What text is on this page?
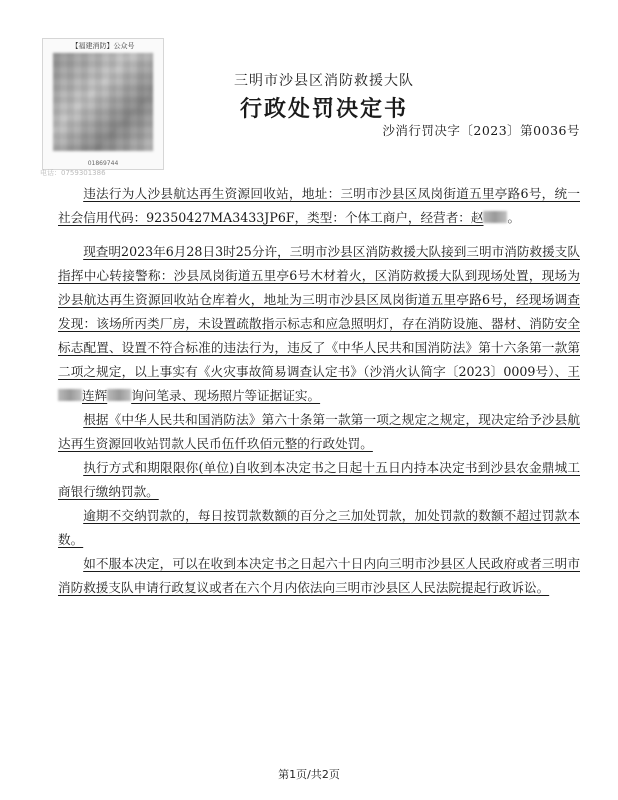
【福建消防】公众号
01869744
电话：0759301386
三明市沙县区消防救援大队
行政处罚决定书
沙消行罚决字〔2023〕第0036号

违法行为人沙县航达再生资源回收站，地址：三明市沙县区凤岗街道五里亭路6号，统一社会信用代码：92350427MA3433JP6F，类型：个体工商户，经营者：赵 。

现查明2023年6月28日3时25分许，三明市沙县区消防救援大队接到三明市消防救援支队指挥中心转接警称：沙县凤岗街道五里亭6号木材着火，区消防救援大队到现场处置，现场为沙县航达再生资源回收站仓库着火，地址为三明市沙县区凤岗街道五里亭路6号，经现场调查发现：该场所丙类厂房，未设置疏散指示标志和应急照明灯，存在消防设施、器材、消防安全标志配置、设置不符合标准的违法行为，违反了《中华人民共和国消防法》第十六条第一款第二项之规定，以上事实有《火灾事故简易调查认定书》（沙消火认简字〔2023〕0009号）、王连辉 询问笔录、现场照片等证据证实。

根据《中华人民共和国消防法》第六十条第一款第一项之规定之规定，现决定给予沙县航达再生资源回收站罚款人民币伍仟玖佰元整的行政处罚。

执行方式和期限限你(单位)自收到本决定书之日起十五日内持本决定书到沙县农金鼎城工商银行缴纳罚款。

逾期不交纳罚款的，每日按罚款数额的百分之三加处罚款，加处罚款的数额不超过罚款本数。

如不服本决定，可以在收到本决定书之日起六十日内向三明市沙县区人民政府或者三明市消防救援支队申请行政复议或者在六个月内依法向三明市沙县区人民法院提起行政诉讼。

第1页/共2页
